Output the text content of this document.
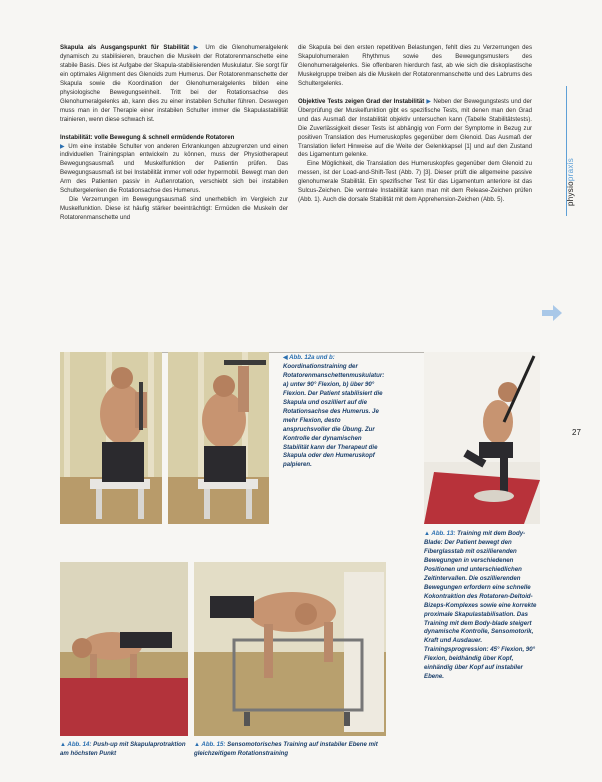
Skapula als Ausgangspunkt für Stabilität ▶ Um die Glenohumeralgelenk dynamisch zu stabilisieren, brauchen die Muskeln der Rotatorenmanschette eine stabile Basis. Dies ist Aufgabe der Skapula-stabilisierenden Muskulatur. Sie sorgt für ein optimales Alignment des Glenoids zum Humerus. Der Rotatorenmanschette der Skapula sowie die Koordination der Glenohumeralgelenks bilden eine physiologische Bewegungseinheit. Tritt bei der Rotationsachse des Glenohumeralgelenks ab, kann dies zu einer instabilen Schulter führen. Deswegen muss man in der Therapie einer instabilen Schulter immer die Skapulastabilität trainieren, wenn diese schwach ist.

Instabilität: volle Bewegung & schnell ermüdende Rotatoren
▶ Um eine instabile Schulter von anderen Erkrankungen abzugrenzen und einen individuellen Trainingsplan entwickeln zu können, muss der Physiotherapeut Bewegungsausmaß und Muskelfunktion der Patientin prüfen. Das Bewegungsausmaß ist bei Instabilität immer voll oder hypermobil. Bewegt man den Arm des Patienten passiv in Außenrotation, verschiebt sich bei instabilen Schultergelenken die Rotationsachse des Humerus.

Die Verzerrungen im Bewegungsausmaß sind unerheblich im Vergleich zur Muskelfunktion. Diese ist häufig stärker beeinträchtigt: Ermüden die Muskeln der Rotatorenmanschette und

die Skapula bei den ersten repetitiven Belastungen, fehlt dies zu Verzerrungen des Skapulohumeralen Rhythmus sowie des Bewegungsmusters des Glenohumeralgelenks. Sie offenbaren hierdurch fast, ab wie sich die diskoplastische Muskelgruppe treiben als die Muskeln der Rotatorenmanschette und des Labrums des Schultergelenks.

Objektive Tests zeigen Grad der Instabilität ▶ Neben der Bewegungstests und der Überprüfung der Muskelfunktion gibt es spezifische Tests, mit denen man den Grad und das Ausmaß der Instabilität objektiv untersuchen kann (Tabelle Stabilitätstests). Die Zuverlässigkeit dieser Tests ist abhängig von Form der Symptome in Bezug zur positiven Translation des Humeruskopfes gegenüber dem Glenoid. Das Ausmaß der Translation liefert Hinweise auf die Weite der Gelenkkapsel [1] und auf den Zustand des Ligamentum gelenke.

Eine Möglichkeit, die Translation des Humeruskopfes gegenüber dem Glenoid zu messen, ist der Load-and-Shift-Test (Abb. 7) [3]. Dieser prüft die allgemeine passive glenohumerale Stabilität. Ein spezifischer Test für das Ligamentum anteriore ist das Sulcus-Zeichen. Die ventrale Instabilität kann man mit dem Release-Zeichen prüfen (Abb. 1). Auch die dorsale Stabilität mit dem Apprehension-Zeichen (Abb. 5).	physiopraxis
27
◀ Abb. 12a und b: Koordinationstraining der Rotatorenmanschettenmuskulatur: a) unter 90° Flexion, b) über 90° Flexion. Der Patient stabilisiert die Skapula und oszilliert auf die Rotationsachse des Humerus. Je mehr Flexion, desto anspruchsvoller die Übung. Zur Kontrolle der dynamischen Stabilität kann der Therapeut die Skapula oder den Humeruskopf palpieren.
▲ Abb. 13: Training mit dem Body-Blade: Der Patient bewegt den Fiberglasstab mit oszillierenden Bewegungen in verschiedenen Positionen und unterschiedlichen Zeitintervallen. Die oszillierenden Bewegungen erfordern eine schnelle Kokontraktion des Rotatoren-Deltoid-Bizeps-Komplexes sowie eine korrekte proximale Skapulastabilisation. Das Training mit dem Body-blade steigert dynamische Kontrolle, Sensomotorik, Kraft und Ausdauer. Trainingsprogression: 45° Flexion, 90° Flexion, beidhändig über Kopf, einhändig über Kopf auf instabiler Ebene.
▲ Abb. 14: Push-up mit Skapulaprotraktion am höchsten Punkt
▲ Abb. 15: Sensomotorisches Training auf instabiler Ebene mit gleichzeitigem Rotationstraining
